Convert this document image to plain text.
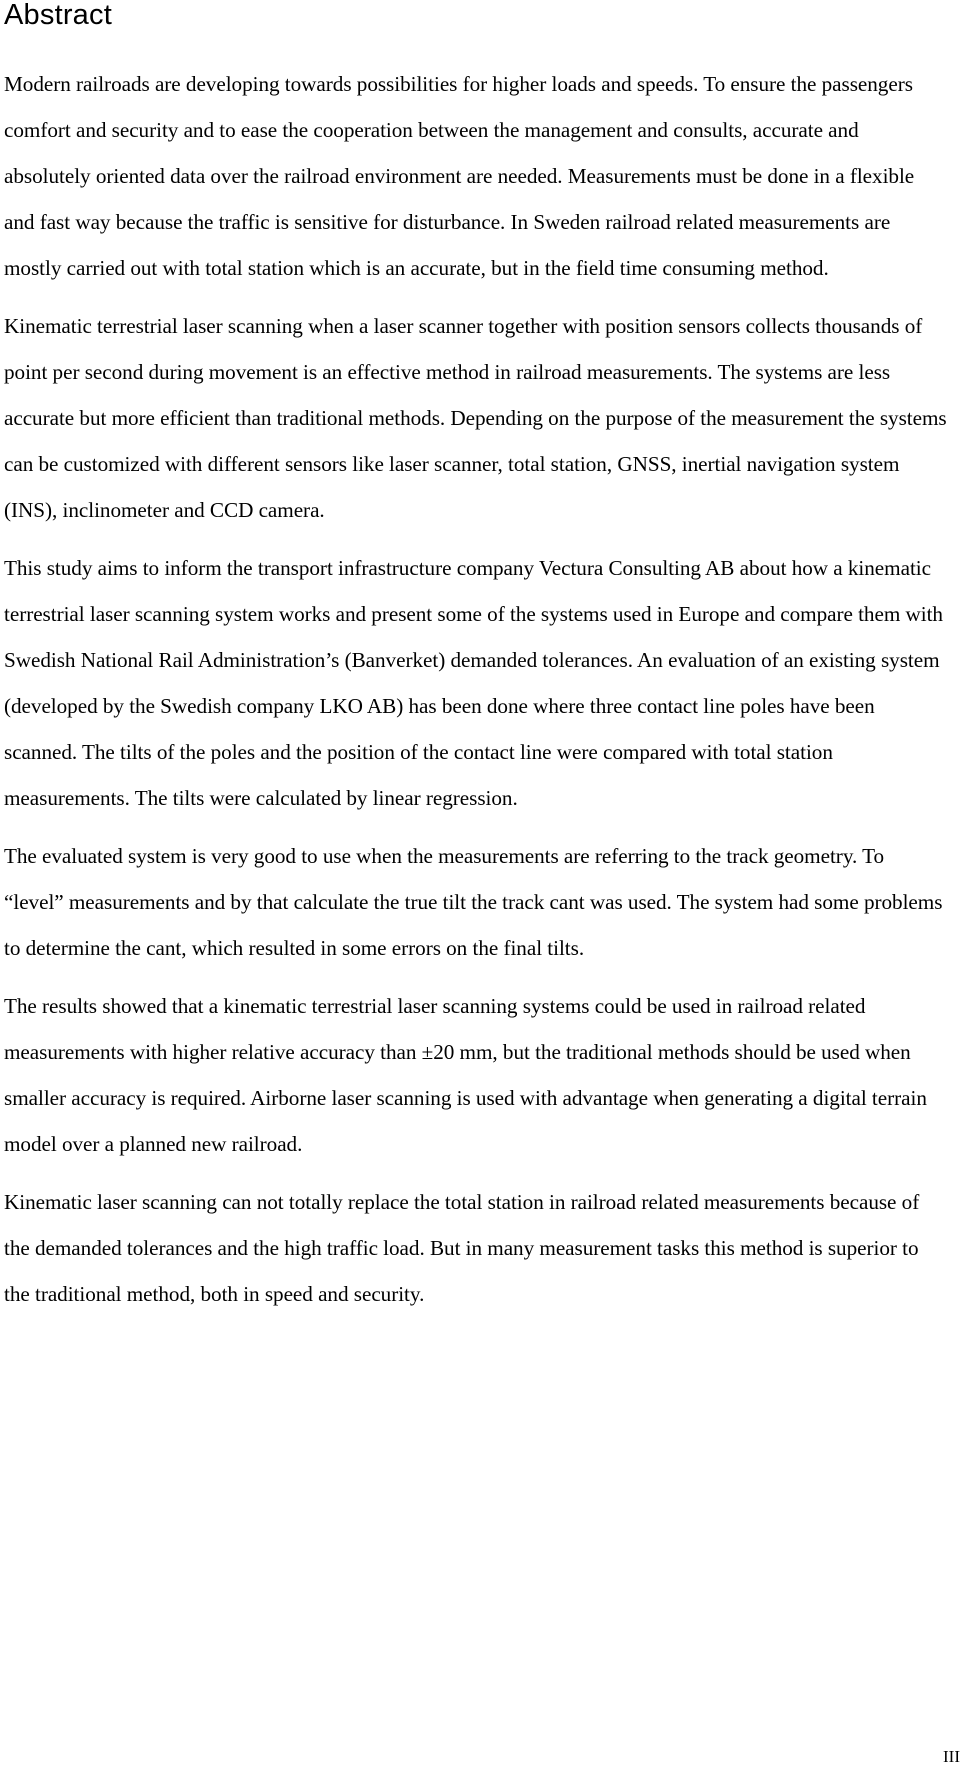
Abstract

Modern railroads are developing towards possibilities for higher loads and speeds. To ensure the passengers comfort and security and to ease the cooperation between the management and consults, accurate and absolutely oriented data over the railroad environment are needed. Measurements must be done in a flexible and fast way because the traffic is sensitive for disturbance. In Sweden railroad related measurements are mostly carried out with total station which is an accurate, but in the field time consuming method.

Kinematic terrestrial laser scanning when a laser scanner together with position sensors collects thousands of point per second during movement is an effective method in railroad measurements. The systems are less accurate but more efficient than traditional methods. Depending on the purpose of the measurement the systems can be customized with different sensors like laser scanner, total station, GNSS, inertial navigation system (INS), inclinometer and CCD camera.

This study aims to inform the transport infrastructure company Vectura Consulting AB about how a kinematic terrestrial laser scanning system works and present some of the systems used in Europe and compare them with Swedish National Rail Administration’s (Banverket) demanded tolerances. An evaluation of an existing system (developed by the Swedish company LKO AB) has been done where three contact line poles have been scanned. The tilts of the poles and the position of the contact line were compared with total station measurements. The tilts were calculated by linear regression.

The evaluated system is very good to use when the measurements are referring to the track geometry. To “level” measurements and by that calculate the true tilt the track cant was used. The system had some problems to determine the cant, which resulted in some errors on the final tilts.

The results showed that a kinematic terrestrial laser scanning systems could be used in railroad related measurements with higher relative accuracy than ±20 mm, but the traditional methods should be used when smaller accuracy is required. Airborne laser scanning is used with advantage when generating a digital terrain model over a planned new railroad.

Kinematic laser scanning can not totally replace the total station in railroad related measurements because of the demanded tolerances and the high traffic load. But in many measurement tasks this method is superior to the traditional method, both in speed and security.

III
